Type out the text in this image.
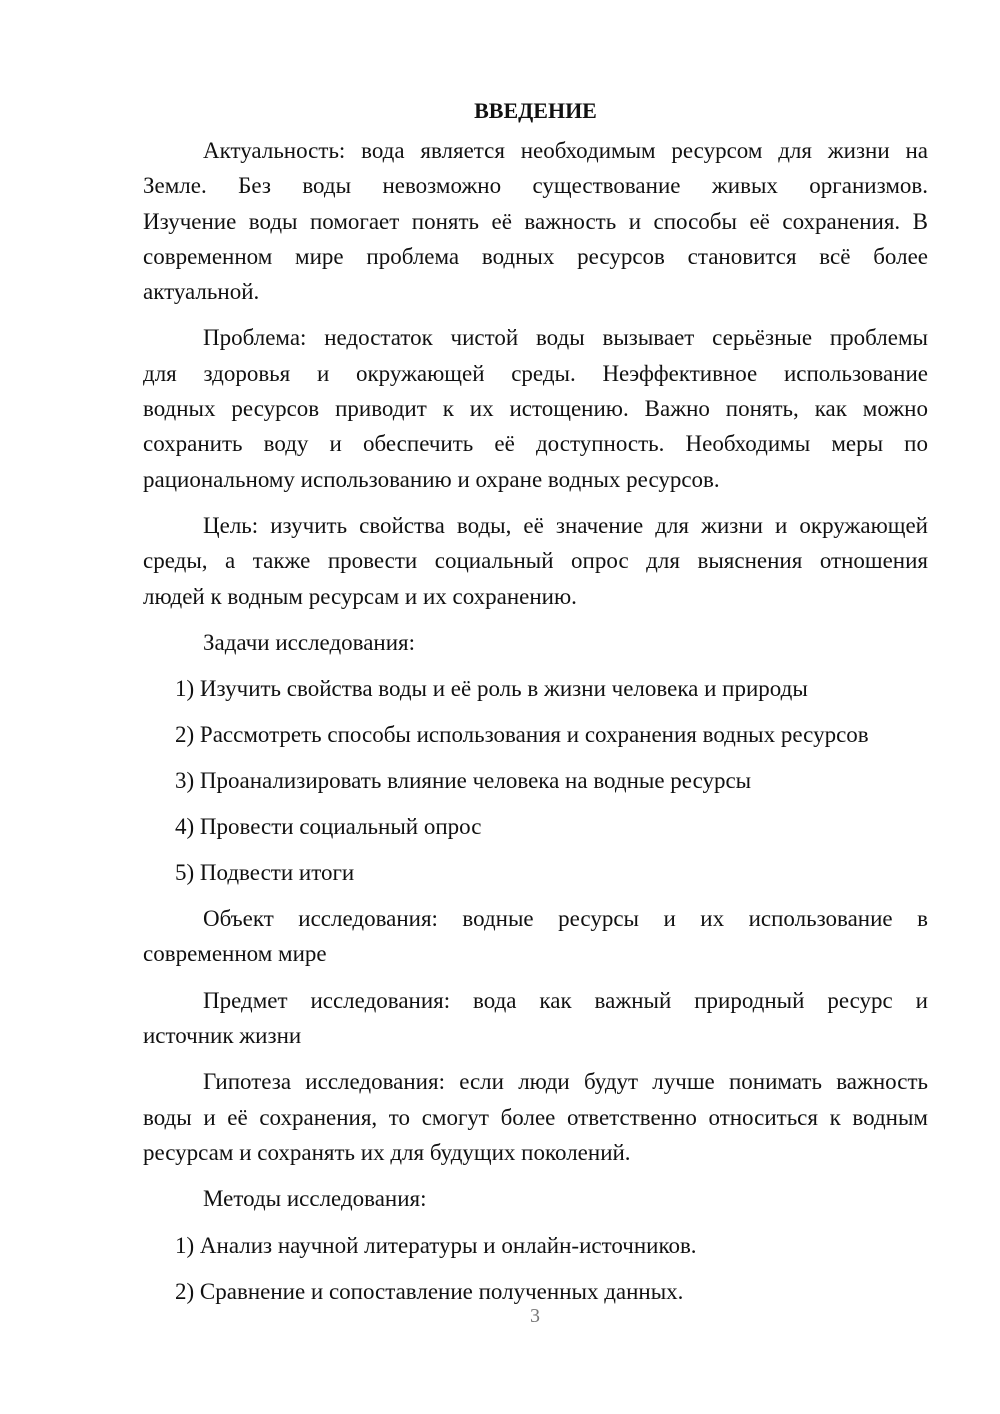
ВВЕДЕНИЕ
Актуальность: вода является необходимым ресурсом для жизни на
Земле. Без воды невозможно существование живых организмов.
Изучение воды помогает понять её важность и способы её сохранения. В
современном мире проблема водных ресурсов становится всё более
актуальной.
Проблема: недостаток чистой воды вызывает серьёзные проблемы
для здоровья и окружающей среды. Неэффективное использование
водных ресурсов приводит к их истощению. Важно понять, как можно
сохранить воду и обеспечить её доступность. Необходимы меры по
рациональному использованию и охране водных ресурсов.
Цель: изучить свойства воды, её значение для жизни и окружающей
среды, а также провести социальный опрос для выяснения отношения
людей к водным ресурсам и их сохранению.
Задачи исследования:
1) Изучить свойства воды и её роль в жизни человека и природы
2) Рассмотреть способы использования и сохранения водных ресурсов
3) Проанализировать влияние человека на водные ресурсы
4) Провести социальный опрос
5) Подвести итоги
Объект исследования: водные ресурсы и их использование в
современном мире
Предмет исследования: вода как важный природный ресурс и
источник жизни
Гипотеза исследования: если люди будут лучше понимать важность
воды и её сохранения, то смогут более ответственно относиться к водным
ресурсам и сохранять их для будущих поколений.
Методы исследования:
1) Анализ научной литературы и онлайн-источников.
2) Сравнение и сопоставление полученных данных.
3
